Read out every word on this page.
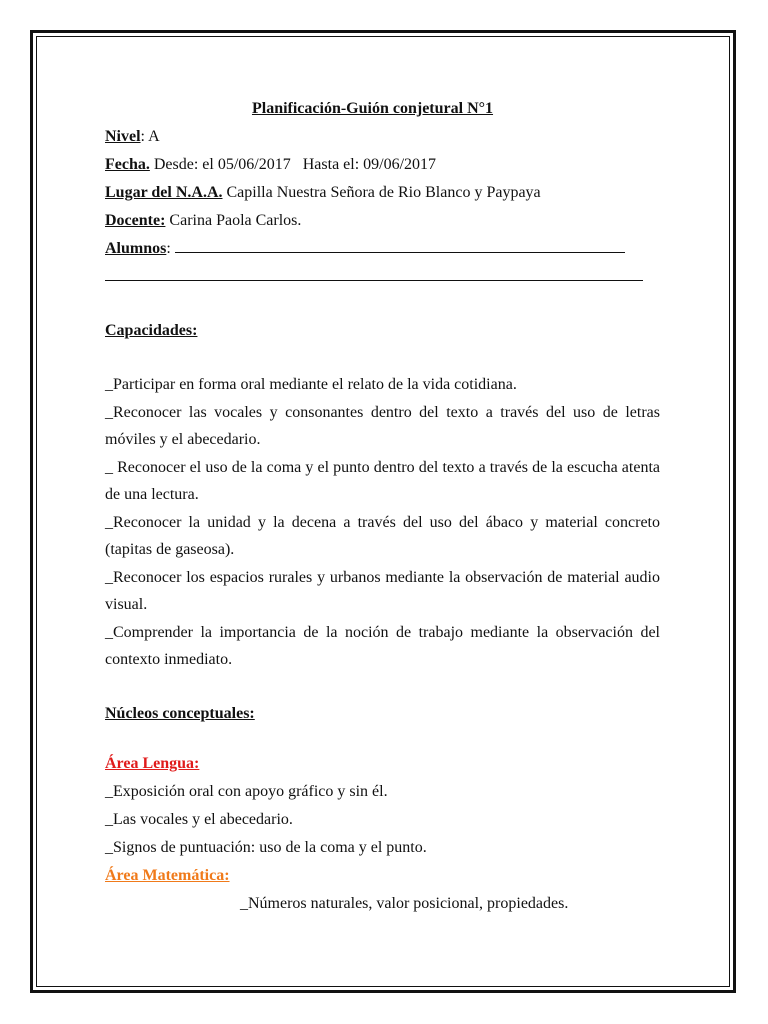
Planificación-Guión conjetural N°1
Nivel: A
Fecha. Desde: el 05/06/2017   Hasta el: 09/06/2017
Lugar del N.A.A. Capilla Nuestra Señora de Rio Blanco y Paypaya
Docente: Carina Paola Carlos.
Alumnos:
Capacidades:
_Participar en forma oral mediante el relato de la vida cotidiana.
_Reconocer las vocales y consonantes dentro del texto a través del uso de letras móviles y el abecedario.
_ Reconocer el uso de la coma y el punto dentro del texto a través de la escucha atenta de una lectura.
_Reconocer la unidad y la decena a través del uso del ábaco y material concreto (tapitas de gaseosa).
_Reconocer los espacios rurales y urbanos mediante la observación de material audio visual.
_Comprender la importancia de la noción de trabajo mediante la observación del contexto inmediato.
Núcleos conceptuales:
Área Lengua:
_Exposición oral con apoyo gráfico y sin él.
_Las vocales y el abecedario.
_Signos de puntuación: uso de la coma y el punto.
Área Matemática:
_Números naturales, valor posicional, propiedades.
